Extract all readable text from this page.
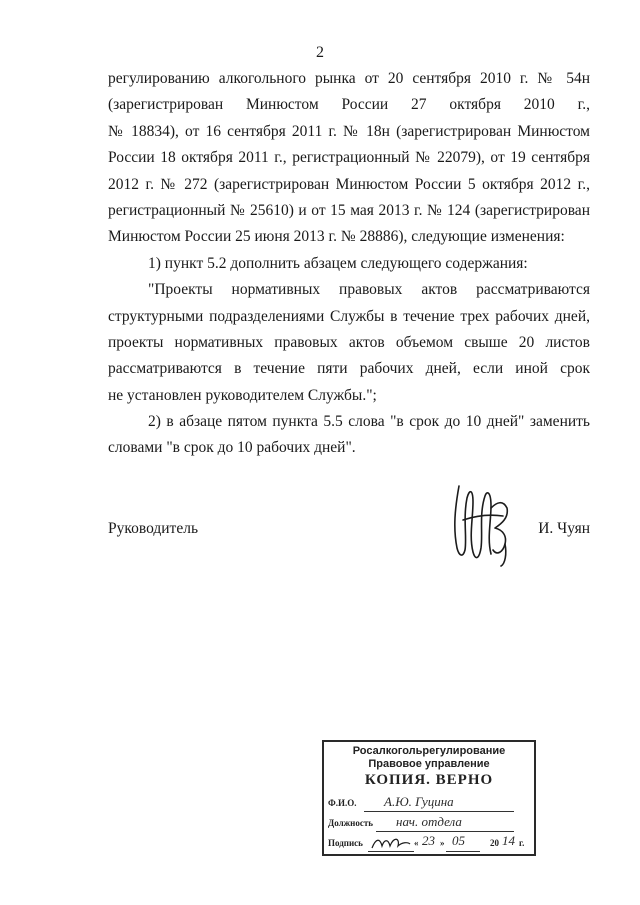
2
регулированию алкогольного рынка от 20 сентября 2010 г. № 54н
(зарегистрирован Минюстом России 27 октября 2010 г.,
№ 18834), от 16 сентября 2011 г. № 18н (зарегистрирован Минюстом
России 18 октября 2011 г., регистрационный № 22079), от 19 сентября
2012 г. № 272 (зарегистрирован Минюстом России 5 октября 2012 г.,
регистрационный № 25610) и от 15 мая 2013 г. № 124 (зарегистрирован
Минюстом России 25 июня 2013 г. № 28886), следующие изменения:
1) пункт 5.2 дополнить абзацем следующего содержания:
"Проекты нормативных правовых актов рассматриваются
структурными подразделениями Службы в течение трех рабочих дней,
проекты нормативных правовых актов объемом свыше 20 листов
рассматриваются в течение пяти рабочих дней, если иной срок
не установлен руководителем Службы.";
2) в абзаце пятом пункта 5.5 слова "в срок до 10 дней" заменить
словами "в срок до 10 рабочих дней".
Руководитель	И. Чуян
Росалкогольрегулирование
Правовое управление
КОПИЯ. ВЕРНО
Ф.И.О. А.Ю. Гуцина
Должность нач. отдела
Подпись	« 23 » 05	20 14 г.
